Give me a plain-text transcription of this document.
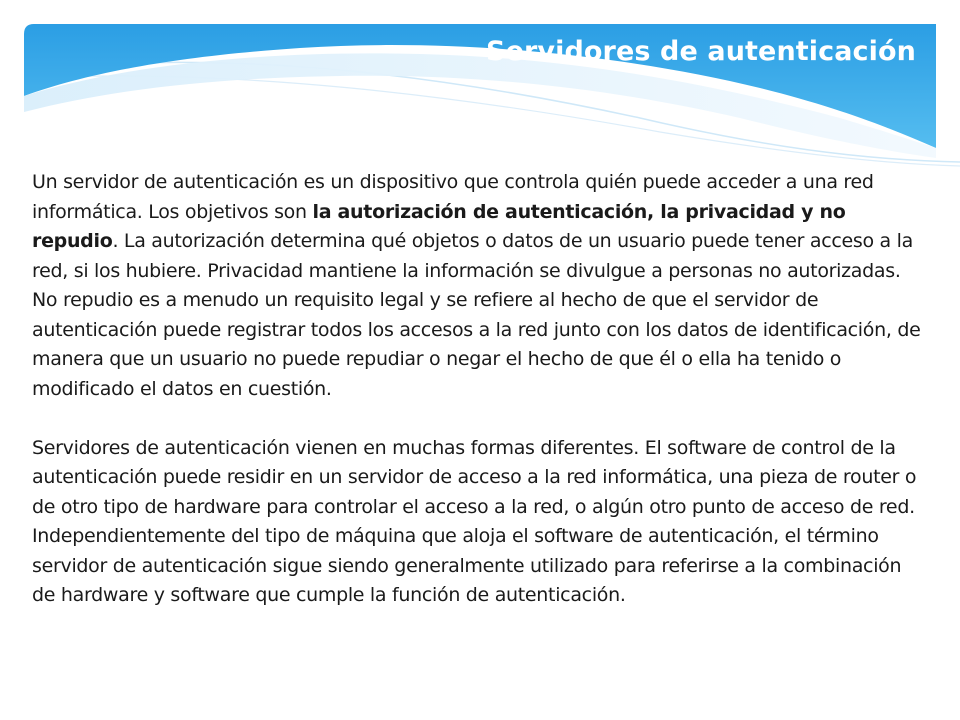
Servidores de autenticación

Un servidor de autenticación es un dispositivo que controla quién puede acceder a una red informática. Los objetivos son la autorización de autenticación, la privacidad y no repudio. La autorización determina qué objetos o datos de un usuario puede tener acceso a la red, si los hubiere. Privacidad mantiene la información se divulgue a personas no autorizadas. No repudio es a menudo un requisito legal y se refiere al hecho de que el servidor de autenticación puede registrar todos los accesos a la red junto con los datos de identificación, de manera que un usuario no puede repudiar o negar el hecho de que él o ella ha tenido o modificado el datos en cuestión.

Servidores de autenticación vienen en muchas formas diferentes. El software de control de la autenticación puede residir en un servidor de acceso a la red informática, una pieza de router o de otro tipo de hardware para controlar el acceso a la red, o algún otro punto de acceso de red. Independientemente del tipo de máquina que aloja el software de autenticación, el término servidor de autenticación sigue siendo generalmente utilizado para referirse a la combinación de hardware y software que cumple la función de autenticación.
